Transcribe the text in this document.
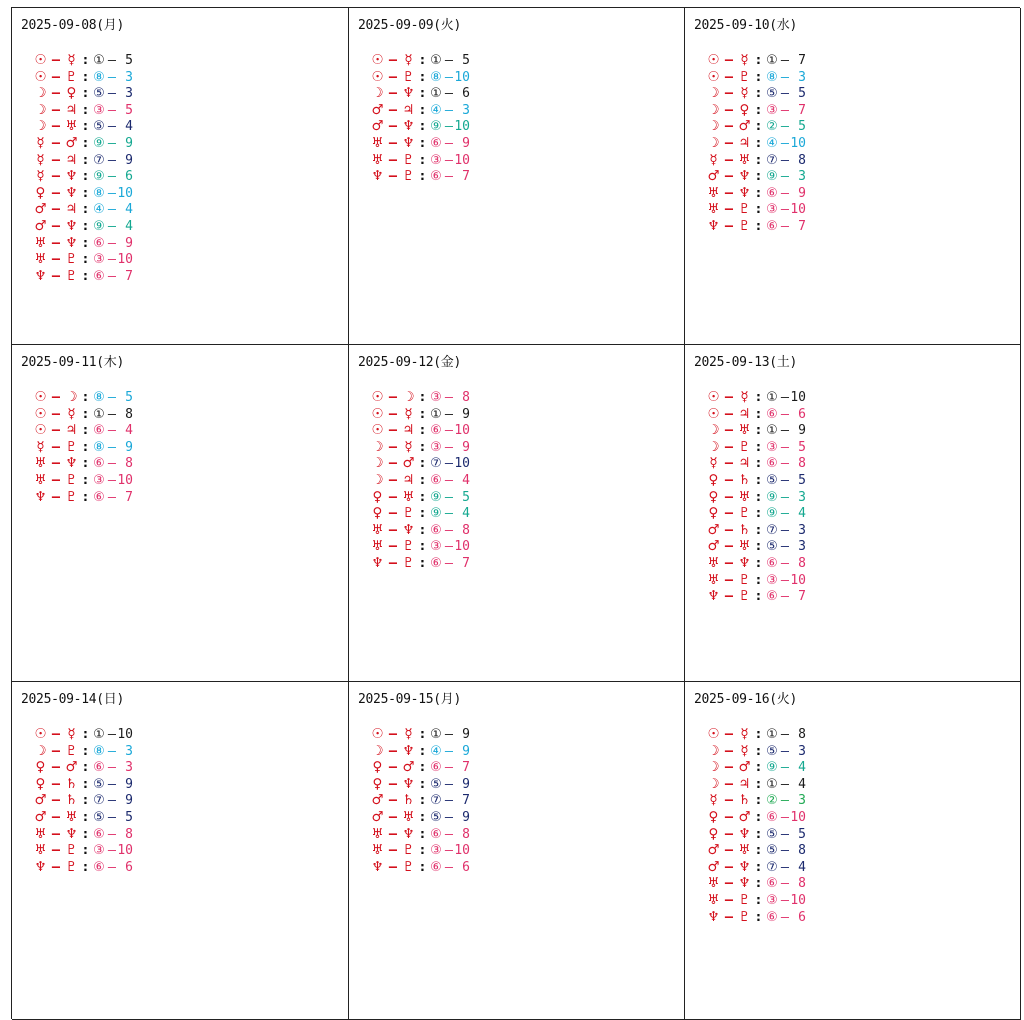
2025-09-08(月)
☉ – ☿ : ① – 5
☉ – ♇ : ⑧ – 3
☽ – ♀ : ⑤ – 3
☽ – ♃ : ③ – 5
☽ – ♅ : ⑤ – 4
☿ – ♂ : ⑨ – 9
☿ – ♃ : ⑦ – 9
☿ – ♆ : ⑨ – 6
♀ – ♆ : ⑧ –10
♂ – ♃ : ④ – 4
♂ – ♆ : ⑨ – 4
♅ – ♆ : ⑥ – 9
♅ – ♇ : ③ –10
♆ – ♇ : ⑥ – 7
2025-09-09(火)
☉ – ☿ : ① – 5
☉ – ♇ : ⑧ –10
☽ – ♆ : ① – 6
♂ – ♃ : ④ – 3
♂ – ♆ : ⑨ –10
♅ – ♆ : ⑥ – 9
♅ – ♇ : ③ –10
♆ – ♇ : ⑥ – 7
2025-09-10(水)
☉ – ☿ : ① – 7
☉ – ♇ : ⑧ – 3
☽ – ☿ : ⑤ – 5
☽ – ♀ : ③ – 7
☽ – ♂ : ② – 5
☽ – ♃ : ④ –10
☿ – ♅ : ⑦ – 8
♂ – ♆ : ⑨ – 3
♅ – ♆ : ⑥ – 9
♅ – ♇ : ③ –10
♆ – ♇ : ⑥ – 7
2025-09-11(木)
☉ – ☽ : ⑧ – 5
☉ – ☿ : ① – 8
☉ – ♃ : ⑥ – 4
☿ – ♇ : ⑧ – 9
♅ – ♆ : ⑥ – 8
♅ – ♇ : ③ –10
♆ – ♇ : ⑥ – 7
2025-09-12(金)
☉ – ☽ : ③ – 8
☉ – ☿ : ① – 9
☉ – ♃ : ⑥ –10
☽ – ☿ : ③ – 9
☽ – ♂ : ⑦ –10
☽ – ♃ : ⑥ – 4
♀ – ♅ : ⑨ – 5
♀ – ♇ : ⑨ – 4
♅ – ♆ : ⑥ – 8
♅ – ♇ : ③ –10
♆ – ♇ : ⑥ – 7
2025-09-13(土)
☉ – ☿ : ① –10
☉ – ♃ : ⑥ – 6
☽ – ♅ : ① – 9
☽ – ♇ : ③ – 5
☿ – ♃ : ⑥ – 8
♀ – ♄ : ⑤ – 5
♀ – ♅ : ⑨ – 3
♀ – ♇ : ⑨ – 4
♂ – ♄ : ⑦ – 3
♂ – ♅ : ⑤ – 3
♅ – ♆ : ⑥ – 8
♅ – ♇ : ③ –10
♆ – ♇ : ⑥ – 7
2025-09-14(日)
☉ – ☿ : ① –10
☽ – ♇ : ⑧ – 3
♀ – ♂ : ⑥ – 3
♀ – ♄ : ⑤ – 9
♂ – ♄ : ⑦ – 9
♂ – ♅ : ⑤ – 5
♅ – ♆ : ⑥ – 8
♅ – ♇ : ③ –10
♆ – ♇ : ⑥ – 6
2025-09-15(月)
☉ – ☿ : ① – 9
☽ – ♆ : ④ – 9
♀ – ♂ : ⑥ – 7
♀ – ♆ : ⑤ – 9
♂ – ♄ : ⑦ – 7
♂ – ♅ : ⑤ – 9
♅ – ♆ : ⑥ – 8
♅ – ♇ : ③ –10
♆ – ♇ : ⑥ – 6
2025-09-16(火)
☉ – ☿ : ① – 8
☽ – ☿ : ⑤ – 3
☽ – ♂ : ⑨ – 4
☽ – ♃ : ① – 4
☿ – ♄ : ② – 3
♀ – ♂ : ⑥ –10
♀ – ♆ : ⑤ – 5
♂ – ♅ : ⑤ – 8
♂ – ♆ : ⑦ – 4
♅ – ♆ : ⑥ – 8
♅ – ♇ : ③ –10
♆ – ♇ : ⑥ – 6
